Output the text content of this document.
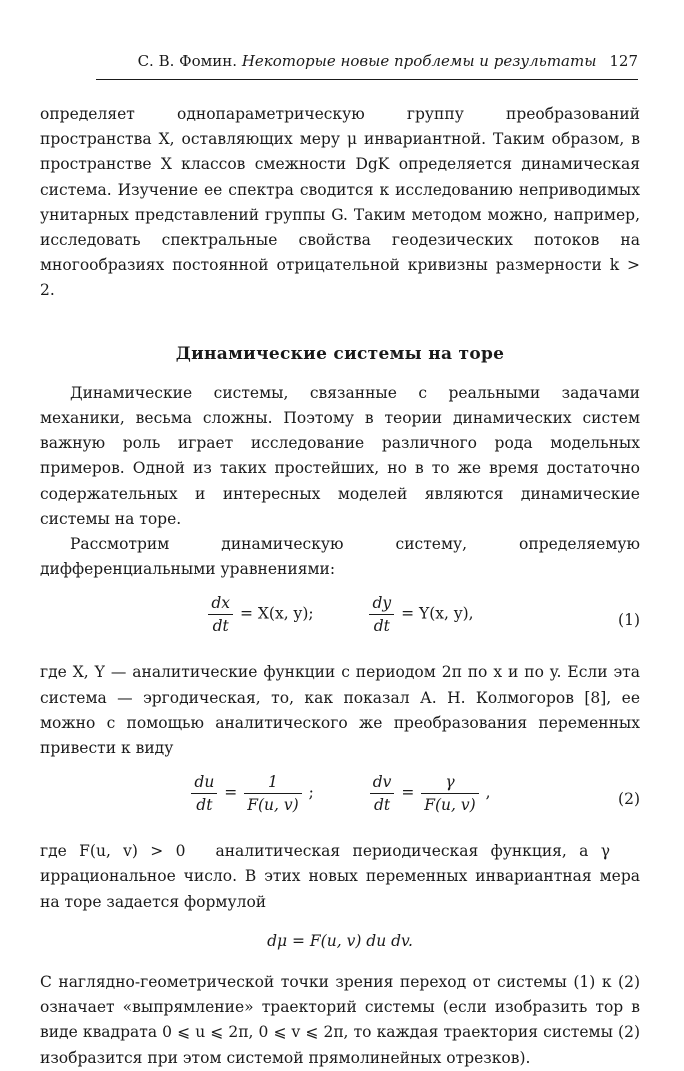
С. В. Фомин. Некоторые новые проблемы и результаты 127

определяет однопараметрическую группу преобразований пространства X, оставляющих меру μ инвариантной. Таким образом, в пространстве X классов смежности DgK определяется динамическая система. Изучение ее спектра сводится к исследованию неприводимых унитарных представлений группы G. Таким методом можно, например, исследовать спектральные свойства геодезических потоков на многообразиях постоянной отрицательной кривизны размерности k > 2.

Динамические системы на торе

Динамические системы, связанные с реальными задачами механики, весьма сложны. Поэтому в теории динамических систем важную роль играет исследование различного рода модельных примеров. Одной из таких простейших, но в то же время достаточно содержательных и интересных моделей являются динамические системы на торе.

Рассмотрим динамическую систему, определяемую дифференциальными уравнениями:

$\frac{dx}{dt} = X(x$, y);	$\frac{dy}{dt} = Y(x$, y),	(1)

где X, Y — аналитические функции с периодом 2π по x и по y. Если эта система — эргодическая, то, как показал А. Н. Колмогоров [8], ее можно с помощью аналитического же преобразования переменных привести к виду

$\frac{du}{dt} = \frac{1}{F(u, v)}$ ;	$\frac{dv}{dt} = \frac{\gamma}{F(u, v)}$ ,	(2)

где F(u, v) > 0 аналитическая периодическая функция, а γиррациональное число. В этих новых переменных инвариантная мера на торе задается формулой

dμ = F(u, v) du dv.

С наглядно-геометрической точки зрения переход от системы (1) к (2) означает «выпрямление» траекторий системы (если изобразить тор в виде квадрата 0 ⩽ u ⩽ 2π, 0 ⩽ v ⩽ 2π, то каждая траектория системы (2) изобразится при этом системой прямолинейных отрезков).
